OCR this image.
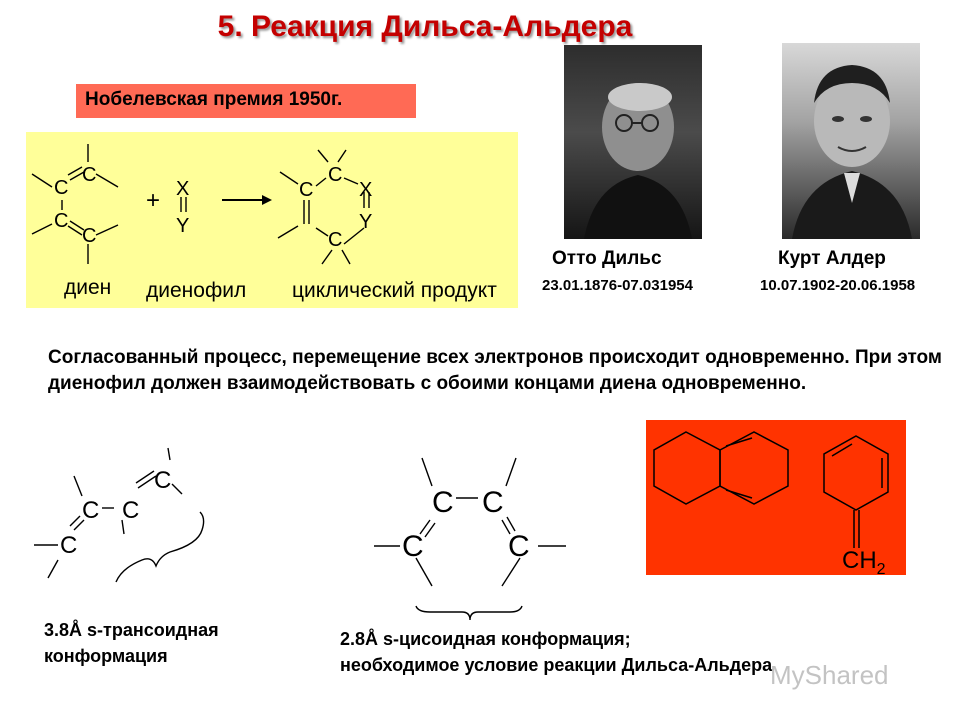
5. Реакция Дильса-Альдера
Нобелевская премия 1950г.
C
C
C
C
+ X
Y
C
C X
Y
C
диен диенофил циклический продукт
Отто Дильс	Курт Алдер
23.01.1876-07.031954	10.07.1902-20.06.1958
Согласованный процесс, перемещение всех электронов происходит одновременно. При этом диенофил должен взаимодействовать с обоими концами диена одновременно.
C
C
C
C
3.8Å s-трансоидная
конформация
C C
C	C
2.8Å s-цисоидная конформация;
необходимое условие реакции Дильса-Альдера
$CH_2$
MyShared
